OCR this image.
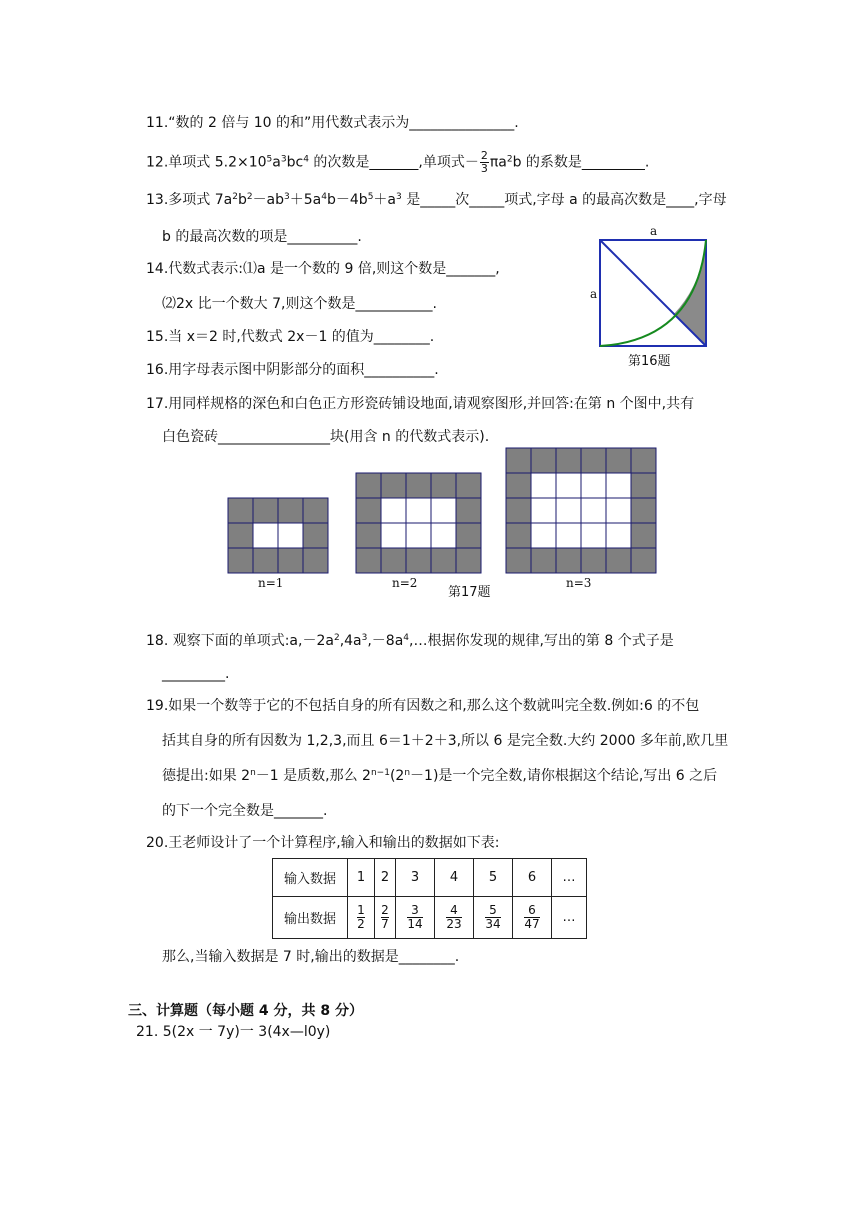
11.“数的 2 倍与 10 的和”用代数式表示为_______________.
12.单项式 $5.2\times 10^5a^3bc^4$ 的次数是_______,单项式－ $\frac{2}{3} \pi a^2b$ 的系数是_________.
13.多项式 $7a^2b^2-ab^3+5a^4b-4b^5+a^3$ 是_____次_____项式,字母 a 的最高次数是____,字母
b 的最高次数的项是__________.
14.代数式表示:⑴a 是一个数的 9 倍,则这个数是_______,
⑵2x 比一个数大 7,则这个数是___________.
15.当 x＝2 时,代数式 2x－1 的值为________.
16.用字母表示图中阴影部分的面积__________.
a
a
第16题
17.用同样规格的深色和白色正方形瓷砖铺设地面,请观察图形,并回答:在第 n 个图中,共有
白色瓷砖________________块(用含 n 的代数式表示).
n=1	n=2	n=3
第17题
18. 观察下面的单项式$:a,-2a^2,4a^3,-8a^4,\dots$根据你发现的规律,写出的第 8 个式子是
_________.
19.如果一个数等于它的不包括自身的所有因数之和,那么这个数就叫完全数.例如:6 的不包
括其自身的所有因数为 1,2,3,而且 6＝1＋2＋3,所以 6 是完全数.大约 2000 多年前,欧几里
德提出:如果 $2^n-1$ 是质数,那么 $2^{n-1}(2^n-1)$是一个完全数,请你根据这个结论,写出 6 之后
的下一个完全数是_______.
20.王老师设计了一个计算程序,输入和输出的数据如下表:
输入数据	1	2	3	4	5	6	…
输出数据	$\frac{1}{2}$	$\frac{2}{7}$	$\frac{3}{14}$	$\frac{4}{23}$	$\frac{5}{34}$	$\frac{6}{47}$	…
那么,当输入数据是 7 时,输出的数据是________.
三、计算题（每小题 4 分，共 8 分）
21. 5(2x 一 7y)一 3(4x—l0y)
